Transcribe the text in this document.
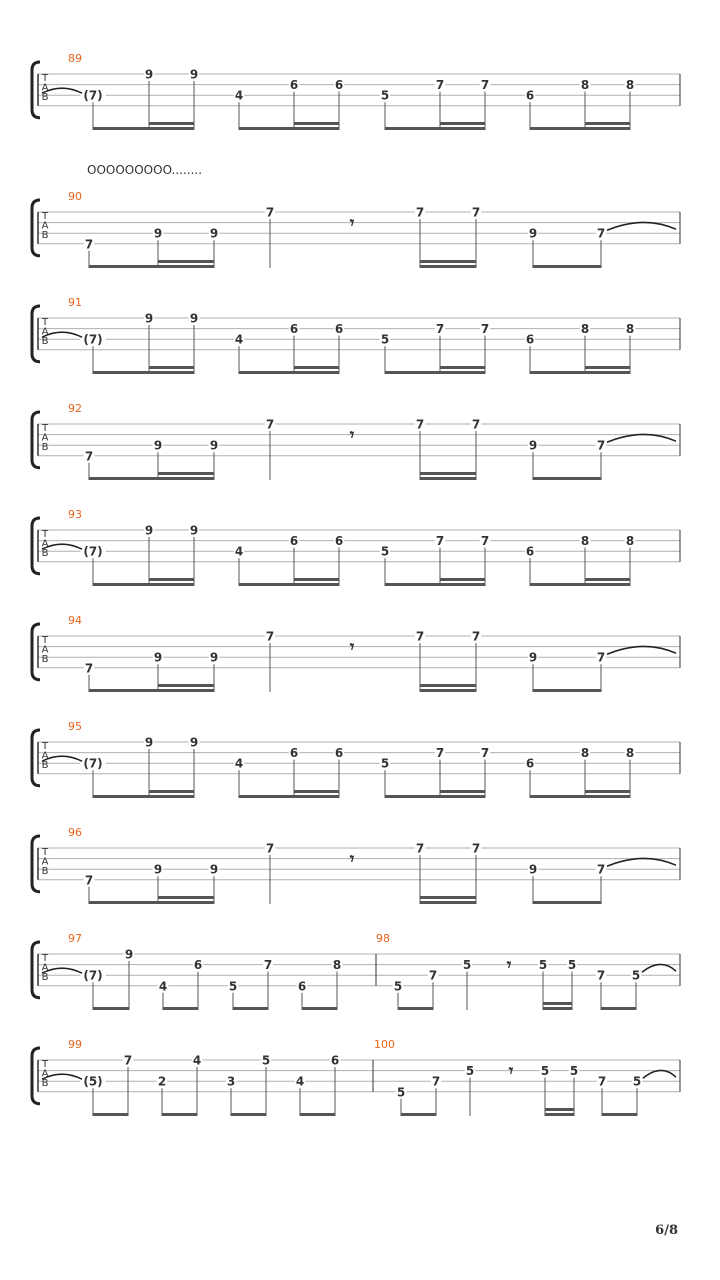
OOOOOOOOO........
6/8
T
A
B
89
(7)
9	9
4
6	6
5
7	7
6
8	8
T
A
B
90
7
9	9
7
𝄾
7	7
9	7
T
A
B
91
(7)
9	9
4
6	6
5
7	7
6
8	8
T
A
B
92
7
9	9
7
𝄾
7	7
9	7
T
A
B
93
(7)
9	9
4
6	6
5
7	7
6
8	8
T
A
B
94
7
9	9
7
𝄾
7	7
9	7
T
A
B
95
(7)
9	9
4
6	6
5
7	7
6
8	8
T
A
B
96
7
9	9
7
𝄾
7	7
9	7
T
A
B
97
(7)
9
4
6
5
7
6
8
98
5
7
5 𝄾 5 5
7 5
T
A
B
99
(5)
7
2
4
3
5
4
6
100
5
7
5 𝄾 5 5
7 5
